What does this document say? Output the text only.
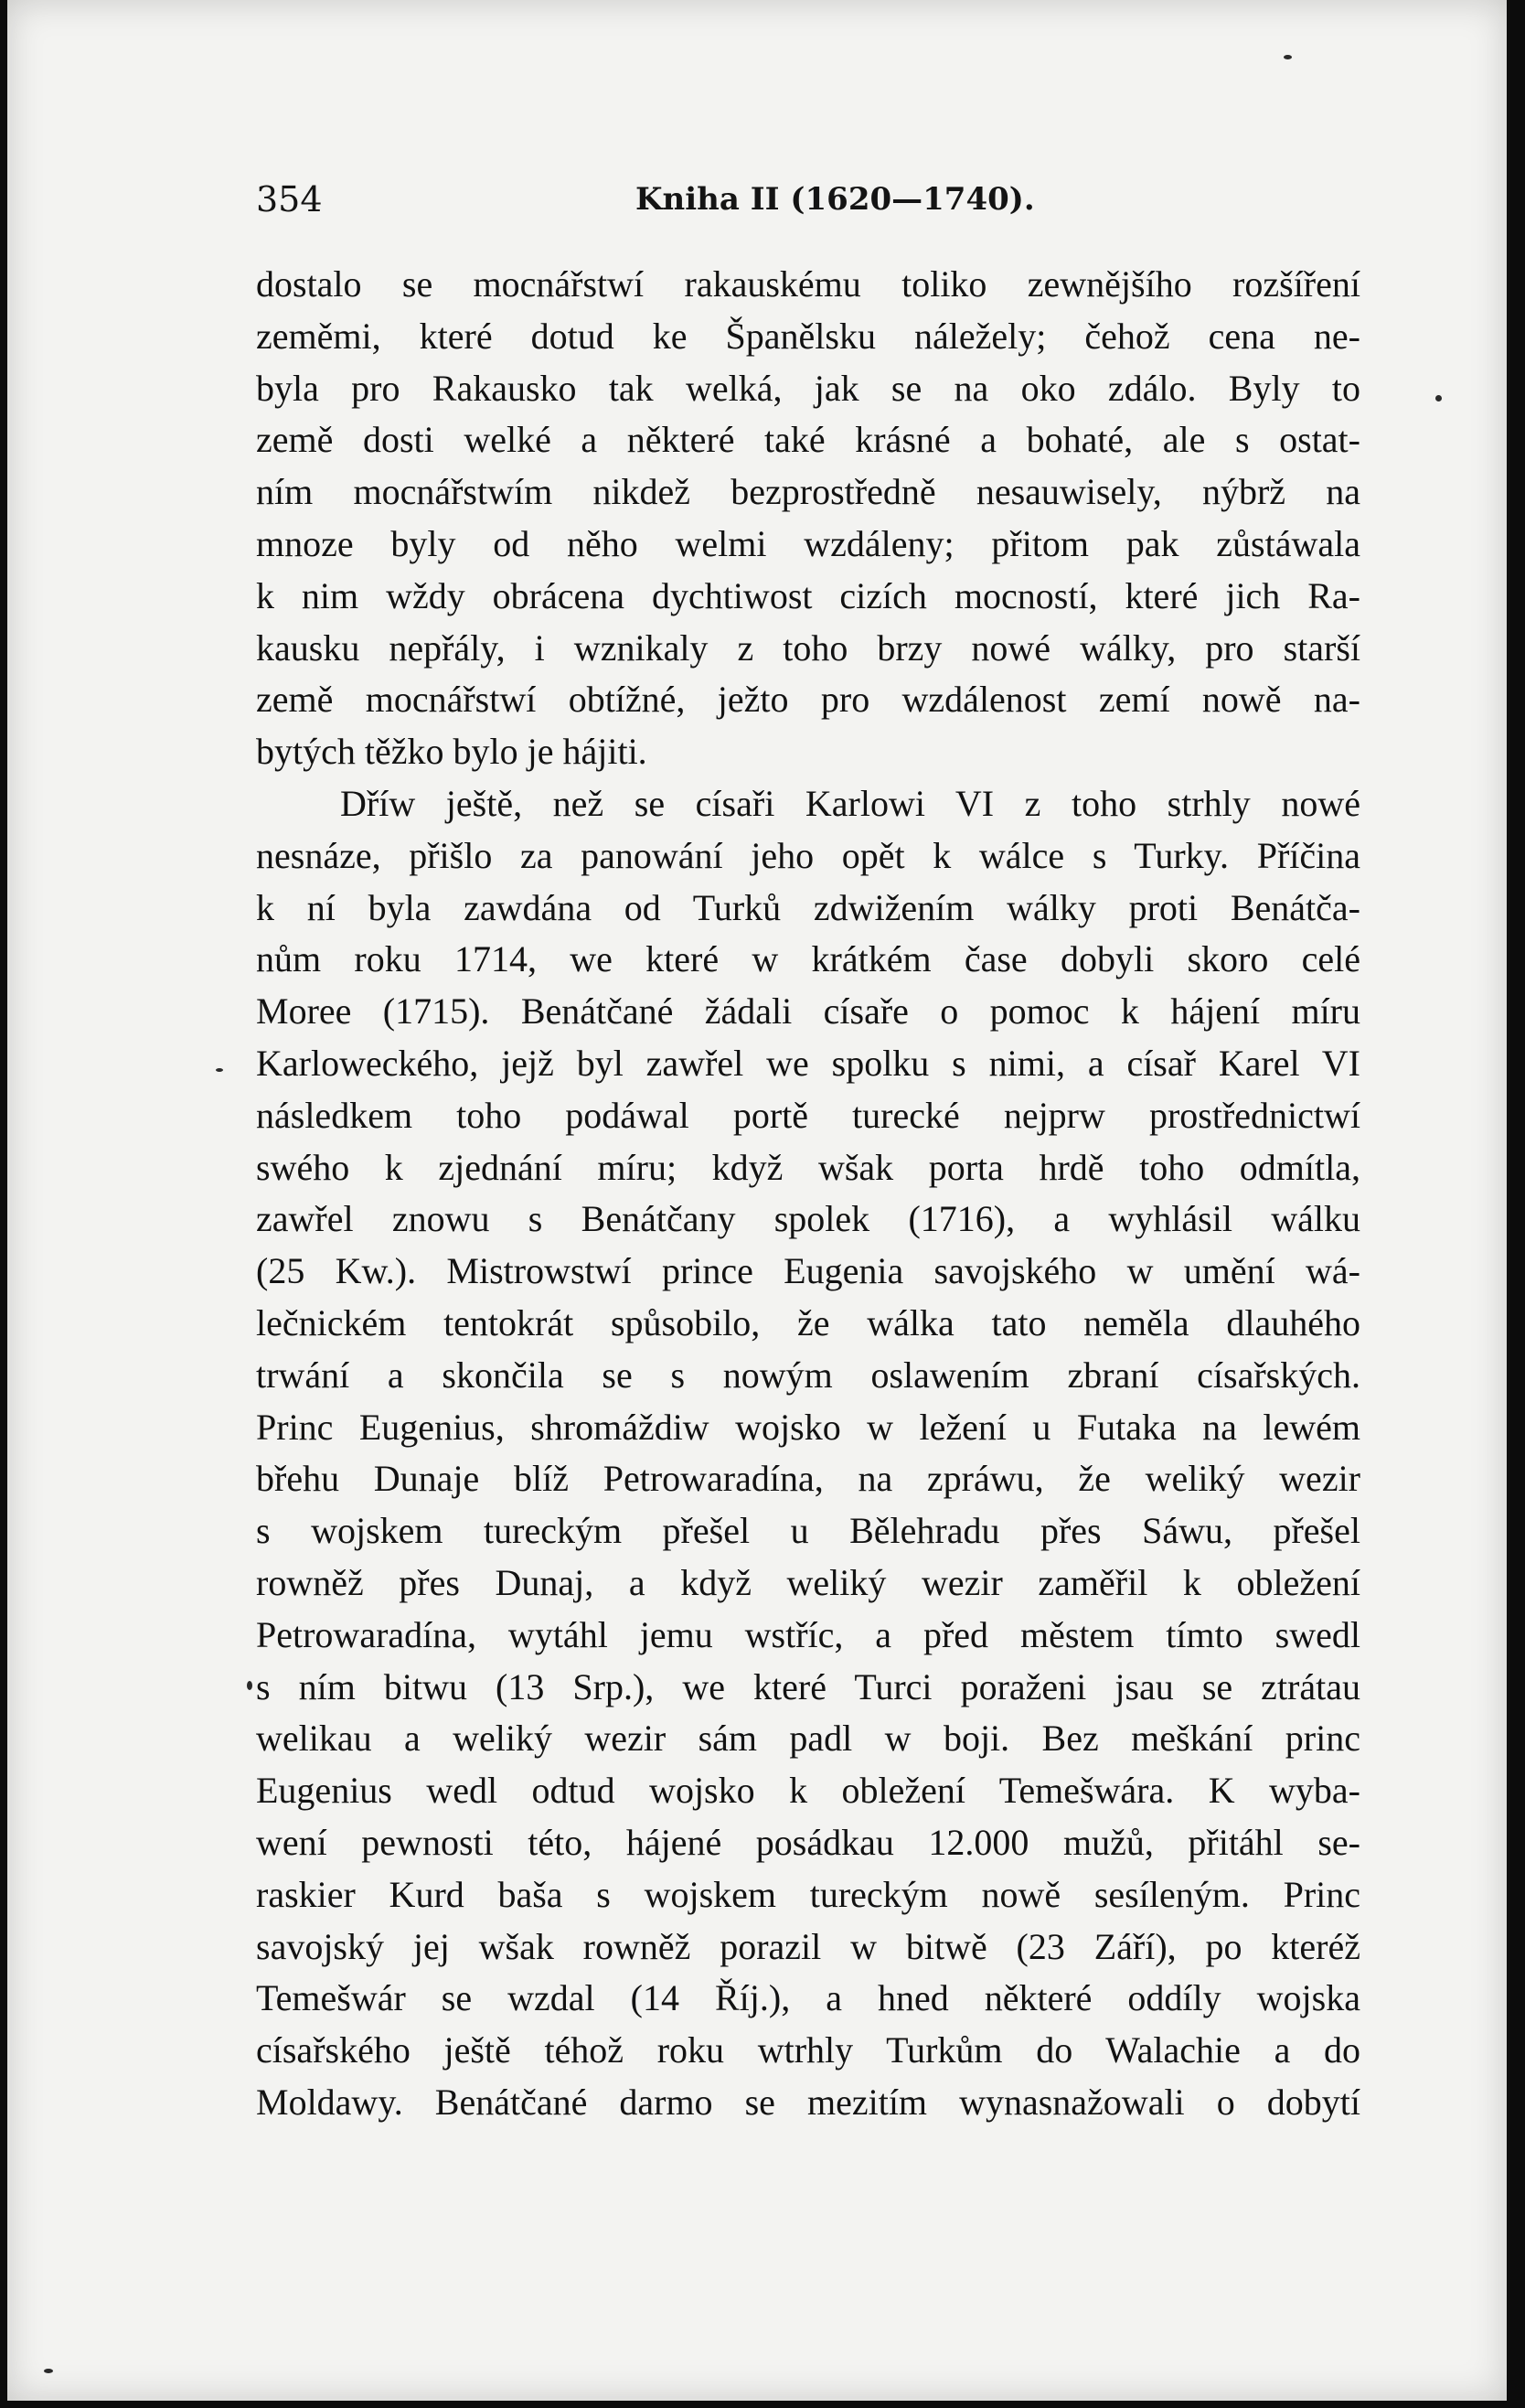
354	Kniha II (1620—1740).
dostalo se mocnářstwí rakauskému toliko zewnějšího rozšíření
zeměmi, které dotud ke Španělsku náležely; čehož cena ne-
byla pro Rakausko tak welká, jak se na oko zdálo. Byly to
země dosti welké a některé také krásné a bohaté, ale s ostat-
ním mocnářstwím nikdež bezprostředně nesauwisely, nýbrž na
mnoze byly od něho welmi wzdáleny; přitom pak zůstáwala
k nim wždy obrácena dychtiwost cizích mocností, které jich Ra-
kausku nepřály, i wznikaly z toho brzy nowé wálky, pro starší
země mocnářstwí obtížné, ježto pro wzdálenost zemí nowě na-
bytých těžko bylo je hájiti.
Dříw ještě, než se císaři Karlowi VI z toho strhly nowé
nesnáze, přišlo za panowání jeho opět k wálce s Turky. Příčina
k ní byla zawdána od Turků zdwižením wálky proti Benátča-
nům roku 1714, we které w krátkém čase dobyli skoro celé
Moree (1715). Benátčané žádali císaře o pomoc k hájení míru
Karloweckého, jejž byl zawřel we spolku s nimi, a císař Karel VI
následkem toho podáwal portě turecké nejprw prostřednictwí
swého k zjednání míru; když wšak porta hrdě toho odmítla,
zawřel znowu s Benátčany spolek (1716), a wyhlásil wálku
(25 Kw.). Mistrowstwí prince Eugenia savojského w umění wá-
lečnickém tentokrát spůsobilo, že wálka tato neměla dlauhého
trwání a skončila se s nowým oslawením zbraní císařských.
Princ Eugenius, shromáždiw wojsko w ležení u Futaka na lewém
břehu Dunaje blíž Petrowaradína, na zpráwu, že weliký wezir
s wojskem tureckým přešel u Bělehradu přes Sáwu, přešel
rowněž přes Dunaj, a když weliký wezir zaměřil k obležení
Petrowaradína, wytáhl jemu wstříc, a před městem tímto swedl
s ním bitwu (13 Srp.), we které Turci poraženi jsau se ztrátau
welikau a weliký wezir sám padl w boji. Bez meškání princ
Eugenius wedl odtud wojsko k obležení Temešwára. K wyba-
wení pewnosti této, hájené posádkau 12.000 mužů, přitáhl se-
raskier Kurd baša s wojskem tureckým nowě sesíleným. Princ
savojský jej wšak rowněž porazil w bitwě (23 Září), po kteréž
Temešwár se wzdal (14 Říj.), a hned některé oddíly wojska
císařského ještě téhož roku wtrhly Turkům do Walachie a do
Moldawy. Benátčané darmo se mezitím wynasnažowali o dobytí
